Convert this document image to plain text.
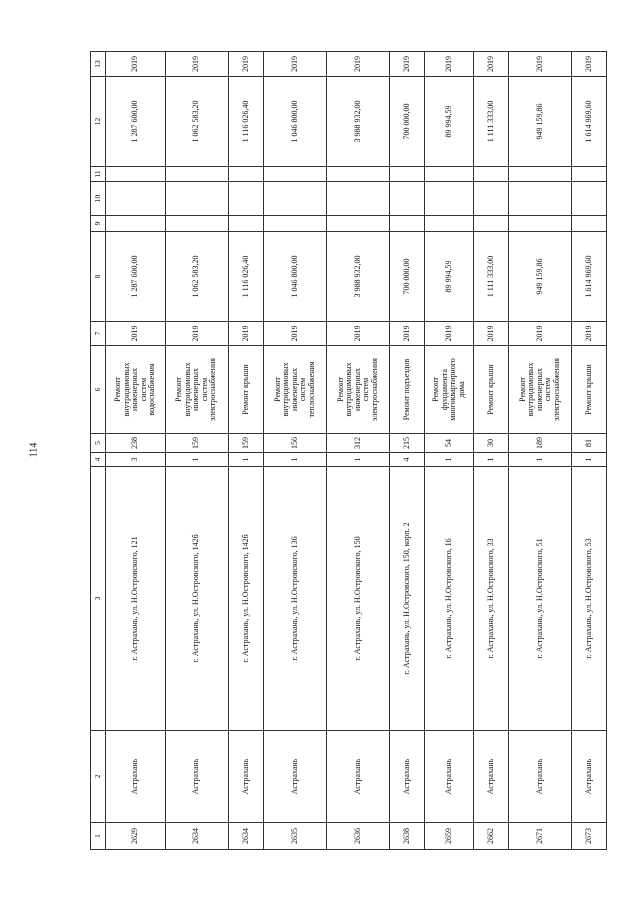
114
1	2	3	4	5	6	7	8	9	10	11	12	13
2629	Астрахань	г. Астрахань, ул. Н.Островского, 121	3	238	Ремонт
внутридомовых
инженерных
систем
водоснабжения	2019	1 287 600,00				1 287 600,00	2019
2634	Астрахань	г. Астрахань, ул. Н.Островского, 142б	1	159	Ремонт
внутридомовых
инженерных
систем
электроснабжения	2019	1 062 583,20				1 062 583,20	2019
2634	Астрахань	г. Астрахань, ул. Н.Островского, 142б	1	159	Ремонт крыши	2019	1 116 026,40				1 116 026,40	2019
2635	Астрахань	г. Астрахань, ул. Н.Островского, 136	1	156	Ремонт
внутридомовых
инженерных
систем
теплоснабжения	2019	1 046 800,00				1 046 800,00	2019
2636	Астрахань	г. Астрахань, ул. Н.Островского, 150	1	312	Ремонт
внутридомовых
инженерных
систем
электроснабжения	2019	3 988 932,00				3 988 932,00	2019
2638	Астрахань	г. Астрахань, ул. Н.Островского, 150, корп. 2	4	215	Ремонт подъездов	2019	700 000,00				700 000,00	2019
2659	Астрахань	г. Астрахань, ул. Н.Островского, 16	1	54	Ремонт
фундамента
многоквартирного
дома	2019	89 994,59				89 994,59	2019
2662	Астрахань	г. Астрахань, ул. Н.Островского, 33	1	30	Ремонт крыши	2019	1 111 333,00				1 111 333,00	2019
2671	Астрахань	г. Астрахань, ул. Н.Островского, 51	1	189	Ремонт
внутридомовых
инженерных
систем
электроснабжения	2019	949 159,86				949 159,86	2019
2673	Астрахань	г. Астрахань, ул. Н.Островского, 53	1	81	Ремонт крыши	2019	1 614 969,60				1 614 969,60	2019
